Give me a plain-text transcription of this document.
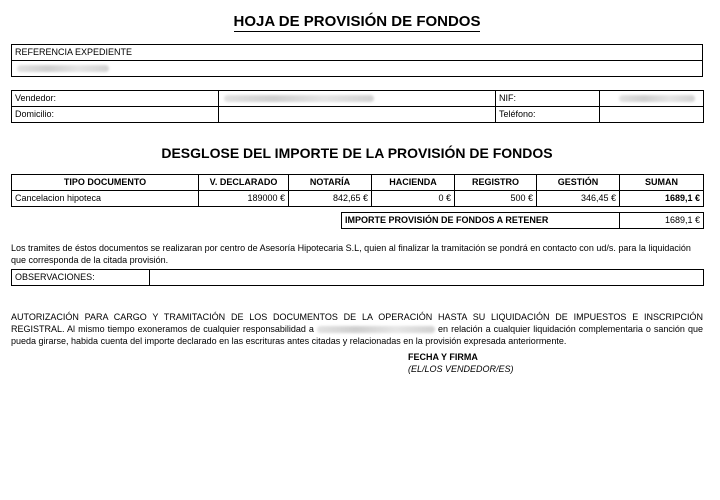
HOJA DE PROVISIÓN DE FONDOS
REFERENCIA EXPEDIENTE

Vendedor:		NIF:	
Domicilio:		Teléfono:	
DESGLOSE DEL IMPORTE DE LA PROVISIÓN DE FONDOS
TIPO DOCUMENTO	V. DECLARADO	NOTARÍA	HACIENDA	REGISTRO	GESTIÓN	SUMAN
Cancelacion hipoteca	189000 €	842,65 €	0 €	500 €	346,45 €	1689,1 €
IMPORTE PROVISIÓN DE FONDOS A RETENER	1689,1 €
Los tramites de éstos documentos se realizaran por centro de Asesoría Hipotecaria S.L, quien al finalizar la tramitación se pondrá en contacto con ud/s. para la liquidación que corresponda de la citada provisión.
OBSERVACIONES:	
AUTORIZACIÓN PARA CARGO Y TRAMITACIÓN DE LOS DOCUMENTOS DE LA OPERACIÓN HASTA SU LIQUIDACIÓN DE IMPUESTOS E INSCRIPCIÓN REGISTRAL. Al mismo tiempo exoneramos de cualquier responsabilidad a	en relación a cualquier liquidación complementaria o sanción que pueda girarse, habida cuenta del importe declarado en las escrituras antes citadas y relacionadas en la provisión expresada anteriormente.
FECHA Y FIRMA
(EL/LOS VENDEDOR/ES)
